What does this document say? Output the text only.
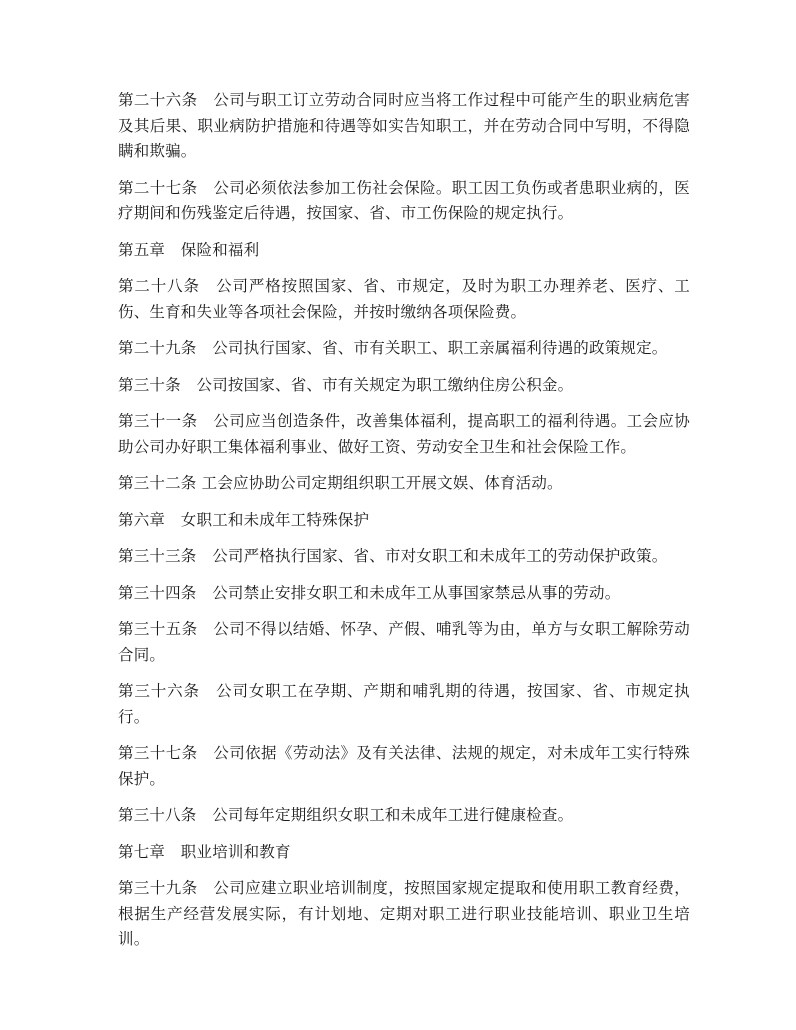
第二十六条　公司与职工订立劳动合同时应当将工作过程中可能产生的职业病危害及其后果、职业病防护措施和待遇等如实告知职工，并在劳动合同中写明，不得隐瞒和欺骗。

第二十七条　公司必须依法参加工伤社会保险。职工因工负伤或者患职业病的，医疗期间和伤残鉴定后待遇，按国家、省、市工伤保险的规定执行。

第五章　保险和福利

第二十八条　公司严格按照国家、省、市规定，及时为职工办理养老、医疗、工伤、生育和失业等各项社会保险，并按时缴纳各项保险费。

第二十九条　公司执行国家、省、市有关职工、职工亲属福利待遇的政策规定。

第三十条　公司按国家、省、市有关规定为职工缴纳住房公积金。

第三十一条　公司应当创造条件，改善集体福利，提高职工的福利待遇。工会应协助公司办好职工集体福利事业、做好工资、劳动安全卫生和社会保险工作。

第三十二条 工会应协助公司定期组织职工开展文娱、体育活动。

第六章　女职工和未成年工特殊保护

第三十三条　公司严格执行国家、省、市对女职工和未成年工的劳动保护政策。

第三十四条　公司禁止安排女职工和未成年工从事国家禁忌从事的劳动。

第三十五条　公司不得以结婚、怀孕、产假、哺乳等为由，单方与女职工解除劳动合同。

第三十六条　公司女职工在孕期、产期和哺乳期的待遇，按国家、省、市规定执行。

第三十七条　公司依据《劳动法》及有关法律、法规的规定，对未成年工实行特殊保护。

第三十八条　公司每年定期组织女职工和未成年工进行健康检查。

第七章　职业培训和教育

第三十九条　公司应建立职业培训制度，按照国家规定提取和使用职工教育经费，根据生产经营发展实际，有计划地、定期对职工进行职业技能培训、职业卫生培训。
